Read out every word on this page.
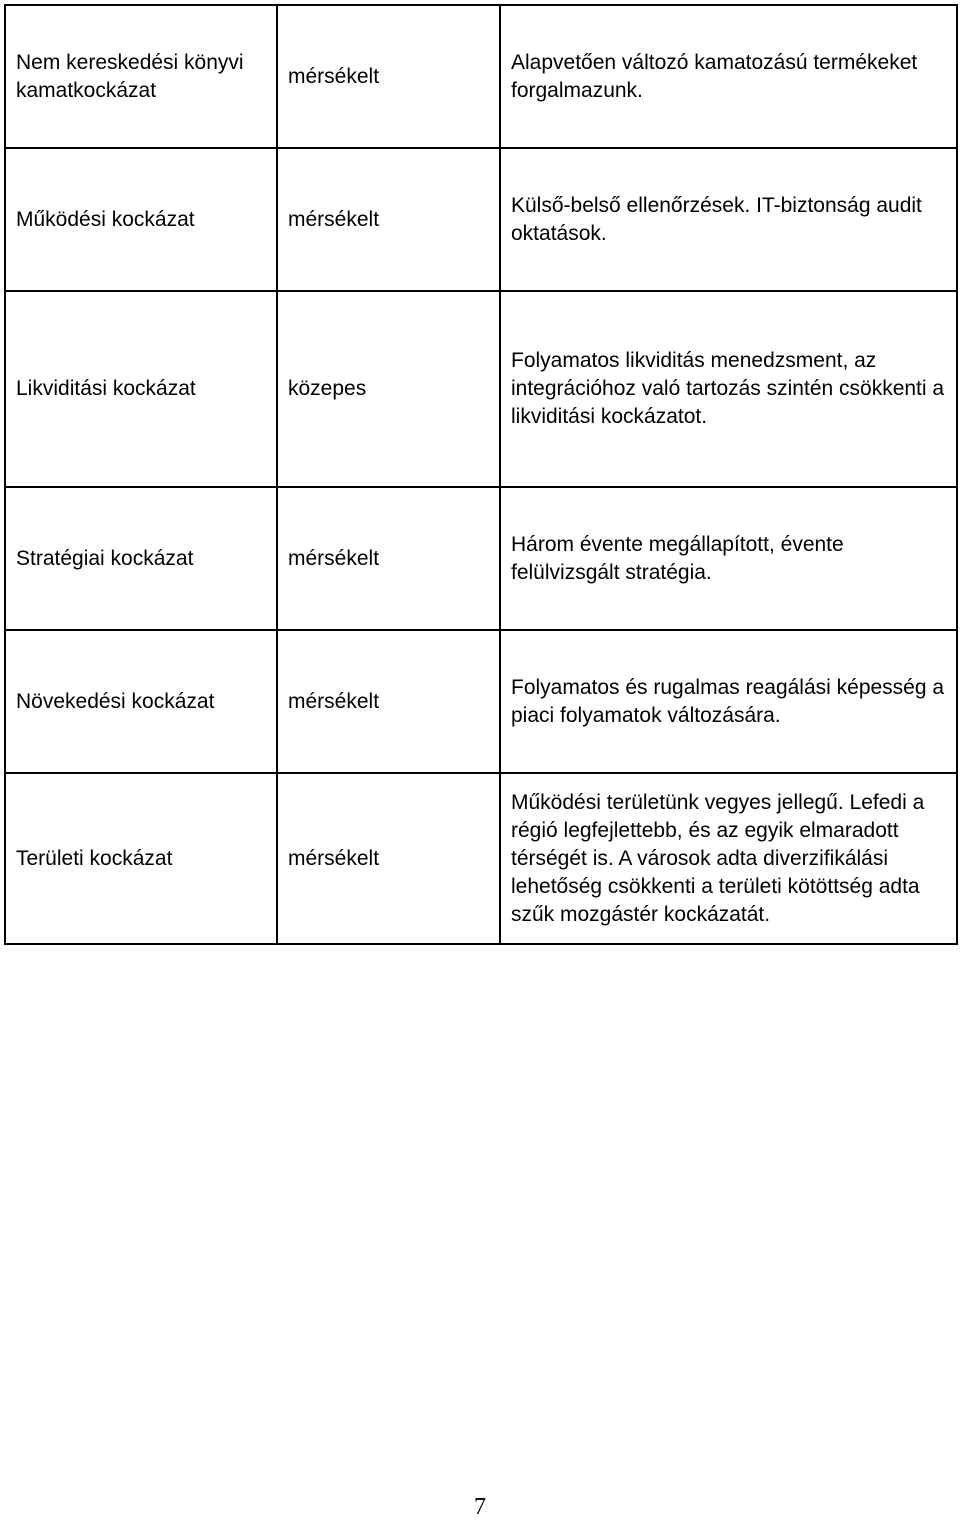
Nem kereskedési könyvi kamatkockázat	mérsékelt	Alapvetően változó kamatozású termékeket forgalmazunk.
Működési kockázat	mérsékelt	Külső-belső ellenőrzések. IT-biztonság audit oktatások.
Likviditási kockázat	közepes	Folyamatos likviditás menedzsment, az integrációhoz való tartozás szintén csökkenti a likviditási kockázatot.
Stratégiai kockázat	mérsékelt	Három évente megállapított, évente felülvizsgált stratégia.
Növekedési kockázat	mérsékelt	Folyamatos és rugalmas reagálási képesség a piaci folyamatok változására.
Területi kockázat	mérsékelt	Működési területünk vegyes jellegű. Lefedi a régió legfejlettebb, és az egyik elmaradott térségét is. A városok adta diverzifikálási lehetőség csökkenti a területi kötöttség adta szűk mozgástér kockázatát.
7
